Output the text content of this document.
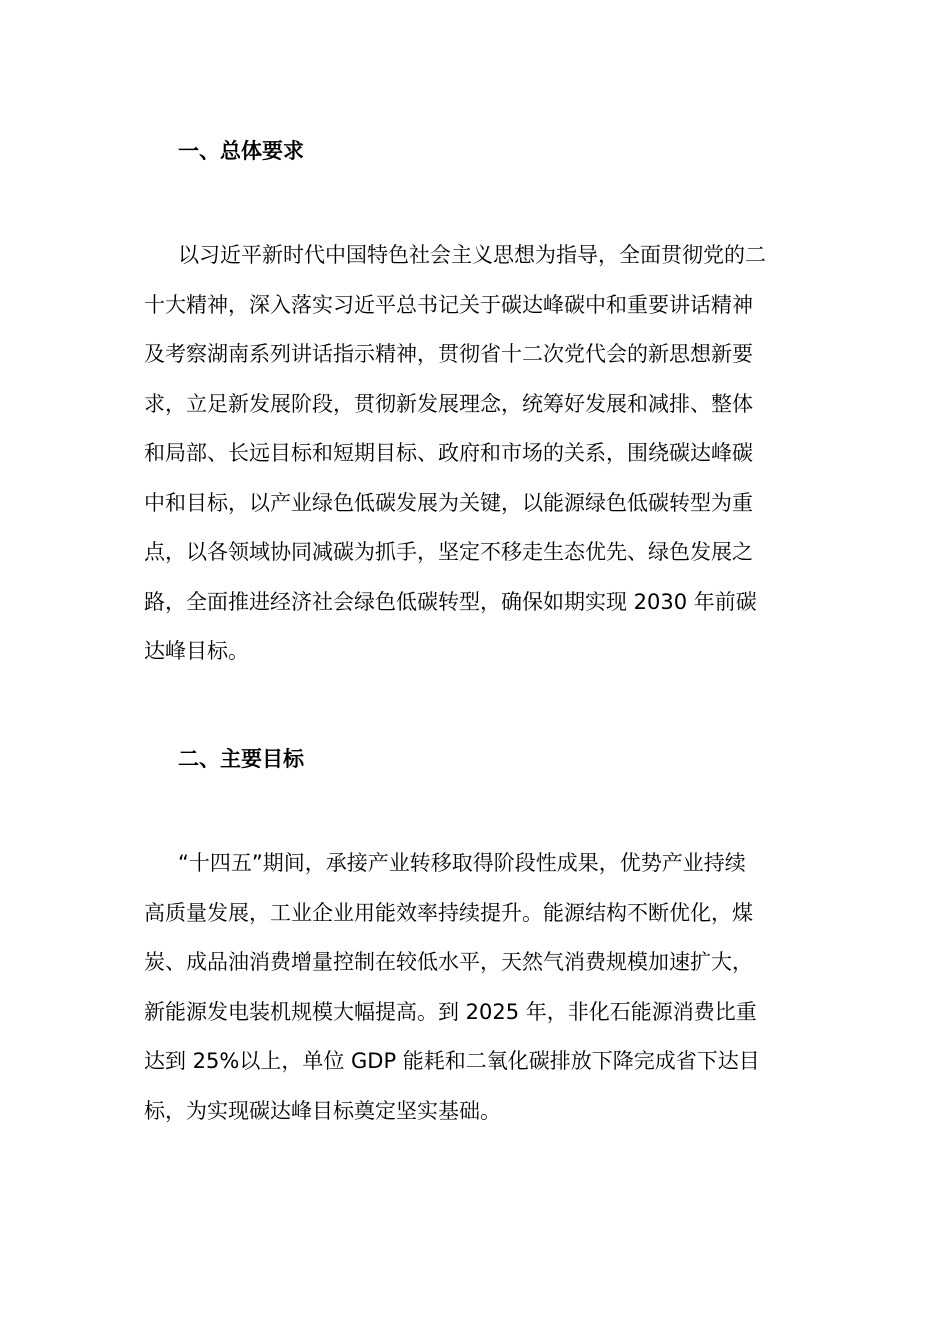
一、总体要求
以习近平新时代中国特色社会主义思想为指导，全面贯彻党的二
十大精神，深入落实习近平总书记关于碳达峰碳中和重要讲话精神
及考察湖南系列讲话指示精神，贯彻省十二次党代会的新思想新要
求，立足新发展阶段，贯彻新发展理念，统筹好发展和减排、整体
和局部、长远目标和短期目标、政府和市场的关系，围绕碳达峰碳
中和目标，以产业绿色低碳发展为关键，以能源绿色低碳转型为重
点，以各领域协同减碳为抓手，坚定不移走生态优先、绿色发展之
路，全面推进经济社会绿色低碳转型，确保如期实现 2030 年前碳
达峰目标。
二、主要目标
“十四五”期间，承接产业转移取得阶段性成果，优势产业持续
高质量发展，工业企业用能效率持续提升。能源结构不断优化，煤
炭、成品油消费增量控制在较低水平，天然气消费规模加速扩大，
新能源发电装机规模大幅提高。到 2025 年，非化石能源消费比重
达到 25%以上，单位 GDP 能耗和二氧化碳排放下降完成省下达目
标，为实现碳达峰目标奠定坚实基础。
